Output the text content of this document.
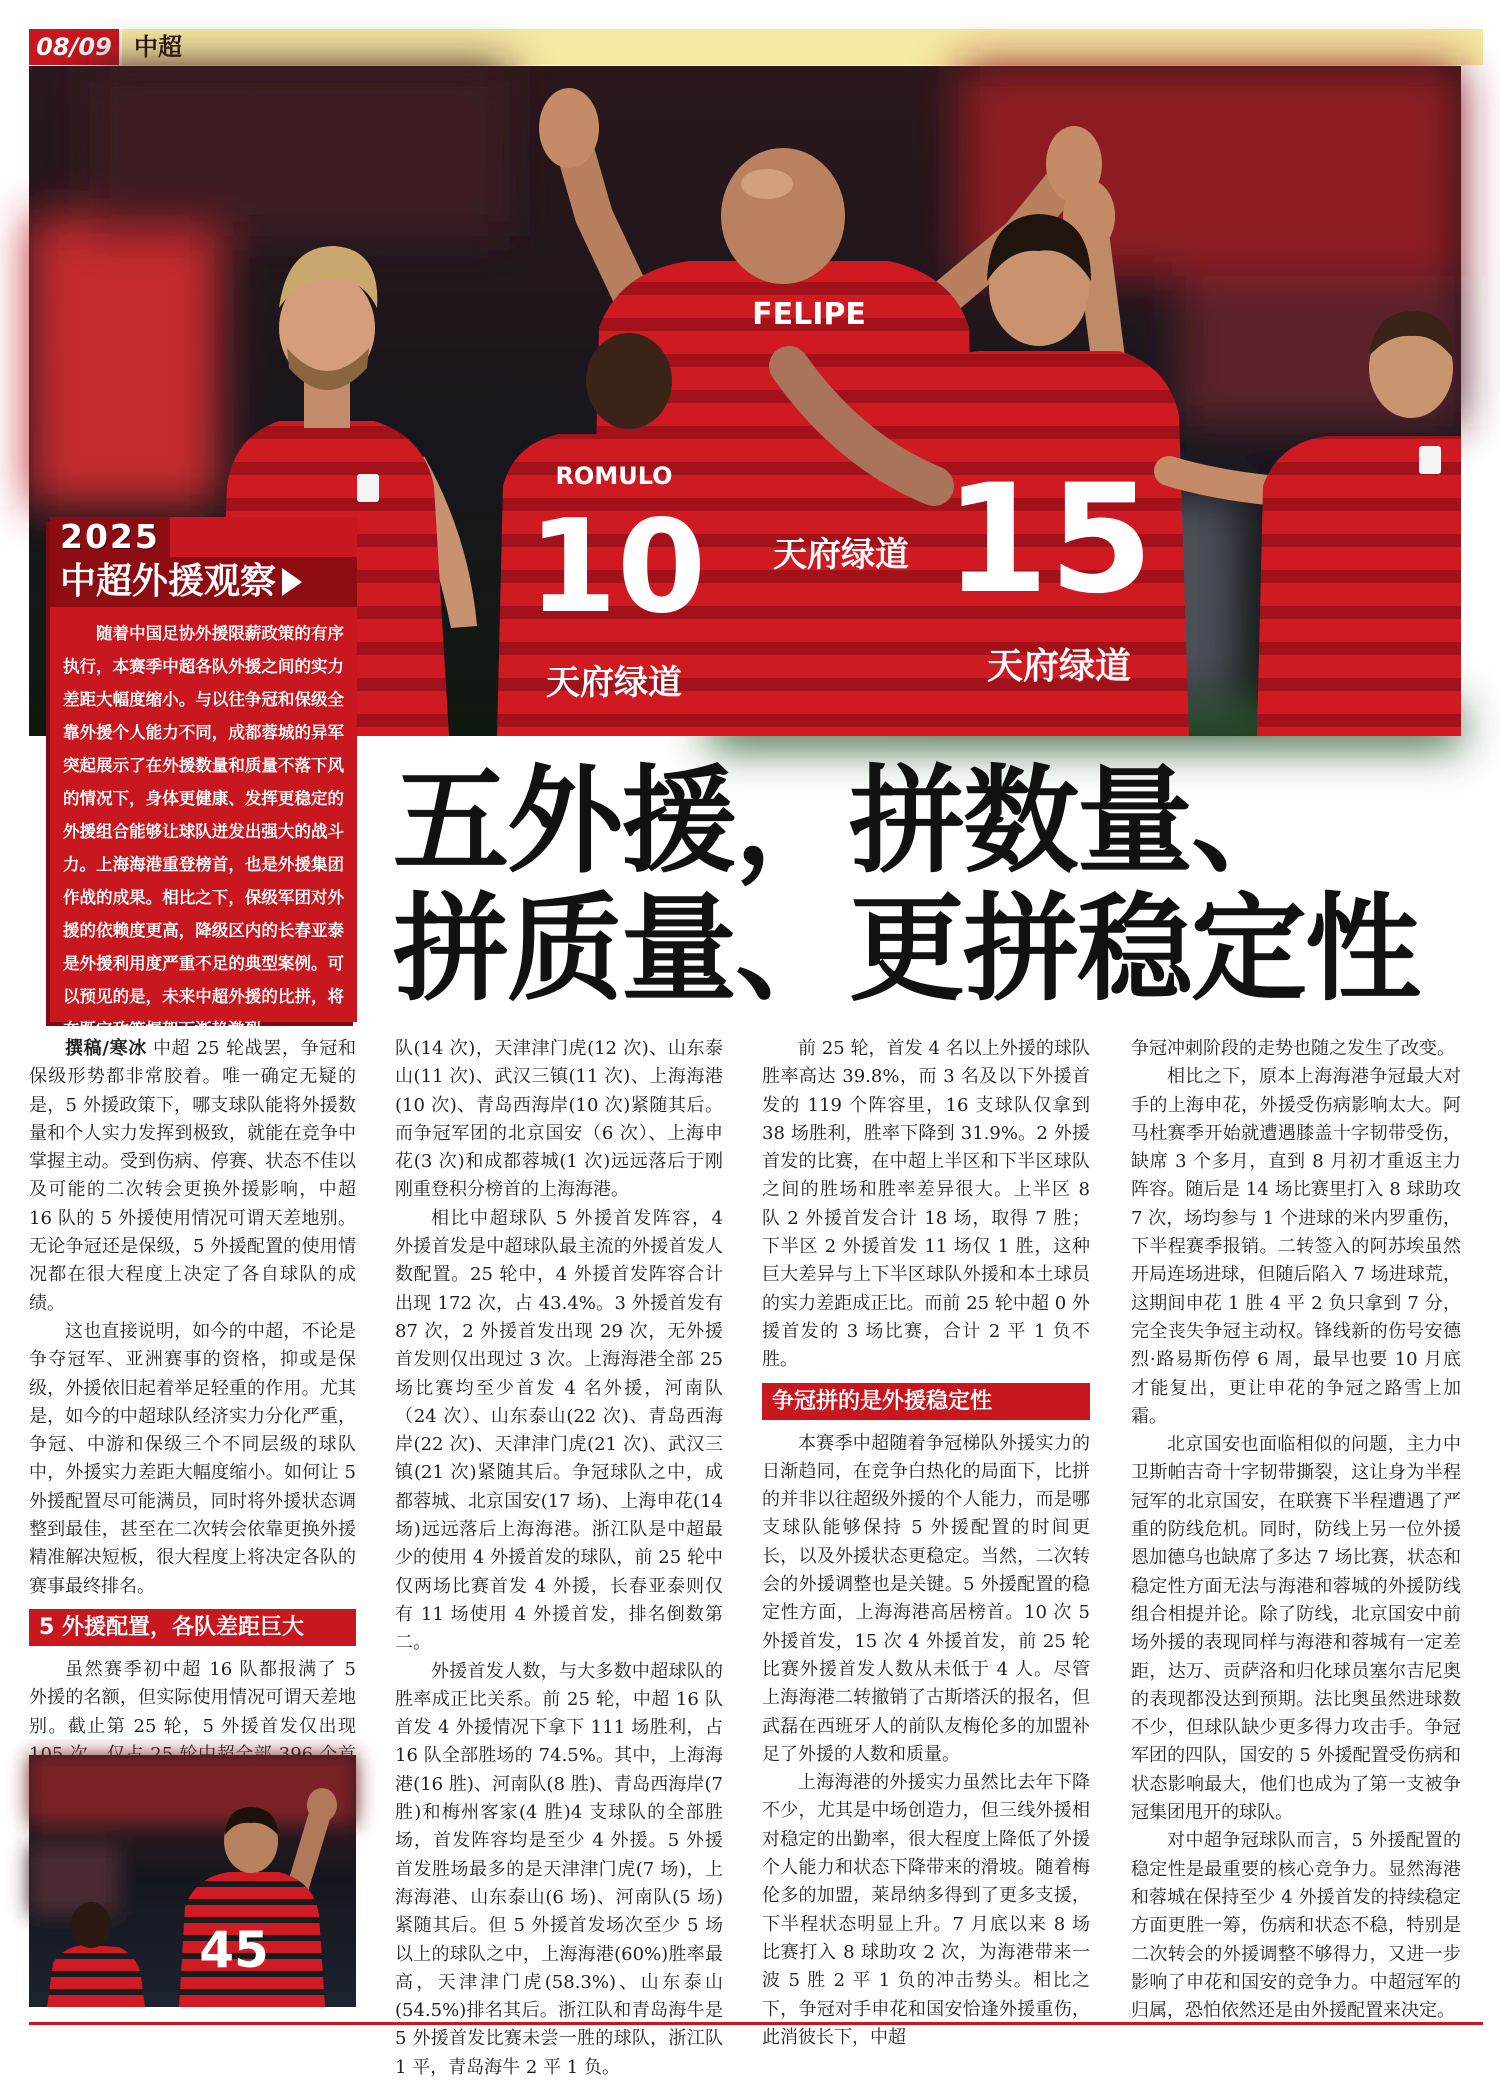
08/09 中超
FELIPE
天府绿道
ROMULO
10
天府绿道
15
天府绿道
2025
中超外援观察

随着中国足协外援限薪政策的有序执行，本赛季中超各队外援之间的实力差距大幅度缩小。与以往争冠和保级全靠外援个人能力不同，成都蓉城的异军突起展示了在外援数量和质量不落下风的情况下，身体更健康、发挥更稳定的外援组合能够让球队迸发出强大的战斗力。上海海港重登榜首，也是外援集团作战的成果。相比之下，保级军团对外援的依赖度更高，降级区内的长春亚泰是外援利用度严重不足的典型案例。可以预见的是，未来中超外援的比拼，将在既定政策框架下渐趋激烈。

五外援，拼数量、
拼质量、更拼稳定性

撰稿/寒冰 中超 25 轮战罢，争冠和保级形势都非常胶着。唯一确定无疑的是，5 外援政策下，哪支球队能将外援数量和个人实力发挥到极致，就能在竞争中掌握主动。受到伤病、停赛、状态不佳以及可能的二次转会更换外援影响，中超 16 队的 5 外援使用情况可谓天差地别。无论争冠还是保级，5 外援配置的使用情况都在很大程度上决定了各自球队的成绩。

这也直接说明，如今的中超，不论是争夺冠军、亚洲赛事的资格，抑或是保级，外援依旧起着举足轻重的作用。尤其是，如今的中超球队经济实力分化严重，争冠、中游和保级三个不同层级的球队中，外援实力差距大幅度缩小。如何让 5 外援配置尽可能满员，同时将外援状态调整到最佳，甚至在二次转会依靠更换外援精准解决短板，很大程度上将决定各队的赛事最终排名。

5 外援配置，各队差距巨大

虽然赛季初中超 16 队都报满了 5 外援的名额，但实际使用情况可谓天差地别。截止第 25 轮，5 外援首发仅出现

45

队(14 次)，天津津门虎(12 次)、山东泰山(11 次)、武汉三镇(11 次)、上海海港(10 次)、青岛西海岸(10 次)紧随其后。而争冠军团的北京国安（6 次）、上海申花(3 次)和成都蓉城(1 次)远远落后于刚刚重登积分榜首的上海海港。

相比中超球队 5 外援首发阵容，4 外援首发是中超球队最主流的外援首发人数配置。25 轮中，4 外援首发阵容合计出现 172 次，占 43.4%。3 外援首发有 87 次，2 外援首发出现 29 次，无外援首发则仅出现过 3 次。上海海港全部 25 场比赛均至少首发 4 名外援，河南队（24 次）、山东泰山(22 次)、青岛西海岸(22 次)、天津津门虎(21 次)、武汉三镇(21 次)紧随其后。争冠球队之中，成都蓉城、北京国安(17 场)、上海申花(14 场)远远落后上海海港。浙江队是中超最少的使用 4 外援首发的球队，前 25 轮中仅两场比赛首发 4 外援，长春亚泰则仅有 11 场使用 4 外援首发，排名倒数第二。

外援首发人数，与大多数中超球队的胜率成正比关系。前 25 轮，中超 16 队首发 4 外援情况下拿下 111 场胜利，占 16 队全部胜场的 74.5%。其中，上海海港(16 胜)、河南队(8 胜)、青岛西海岸(7 胜)和梅州客家(4 胜)4 支球队的全部胜场，首发阵容均是至少 4 外援。5 外援首发胜场最多的是天津津门虎(7 场)，上海海港、山东泰山(6 场)、河南队(5 场)紧随其后。但 5 外援首发场次至少 5 场以上的球队之中，上海海港(60%)胜率最高，天津津门虎(58.3%)、山东泰山(54.5%)排名其后。浙江队和青岛海牛是 5 外援首发比赛未尝一胜的球队，浙江队 1 平，青岛海牛 2 平 1 负。

前 25 轮，首发 4 名以上外援的球队胜率高达 39.8%，而 3 名及以下外援首发的 119 个阵容里，16 支球队仅拿到 38 场胜利，胜率下降到 31.9%。2 外援首发的比赛，在中超上半区和下半区球队之间的胜场和胜率差异很大。上半区 8 队 2 外援首发合计 18 场，取得 7 胜；下半区 2 外援首发 11 场仅 1 胜，这种巨大差异与上下半区球队外援和本土球员的实力差距成正比。而前 25 轮中超 0 外援首发的 3 场比赛，合计 2 平 1 负不胜。

争冠拼的是外援稳定性

本赛季中超随着争冠梯队外援实力的日渐趋同，在竞争白热化的局面下，比拼的并非以往超级外援的个人能力，而是哪支球队能够保持 5 外援配置的时间更长，以及外援状态更稳定。当然，二次转会的外援调整也是关键。5 外援配置的稳定性方面，上海海港高居榜首。10 次 5 外援首发，15 次 4 外援首发，前 25 轮比赛外援首发人数从未低于 4 人。尽管上海海港二转撤销了古斯塔沃的报名，但武磊在西班牙人的前队友梅伦多的加盟补足了外援的人数和质量。

上海海港的外援实力虽然比去年下降不少，尤其是中场创造力，但三线外援相对稳定的出勤率，很大程度上降低了外援个人能力和状态下降带来的滑坡。随着梅伦多的加盟，莱昂纳多得到了更多支援，下半程状态明显上升。7 月底以来 8 场比赛打入 8 球助攻 2 次，为海港带来一波 5 胜 2 平 1 负的冲击势头。相比之下，争冠对手申花和国安恰逢外援重伤，此消彼长下，中超

争冠冲刺阶段的走势也随之发生了改变。

相比之下，原本上海海港争冠最大对手的上海申花，外援受伤病影响太大。阿马杜赛季开始就遭遇膝盖十字韧带受伤，缺席 3 个多月，直到 8 月初才重返主力阵容。随后是 14 场比赛里打入 8 球助攻 7 次，场均参与 1 个进球的米内罗重伤，下半程赛季报销。二转签入的阿苏埃虽然开局连场进球，但随后陷入 7 场进球荒，这期间申花 1 胜 4 平 2 负只拿到 7 分，完全丧失争冠主动权。锋线新的伤号安德烈·路易斯伤停 6 周，最早也要 10 月底才能复出，更让申花的争冠之路雪上加霜。

北京国安也面临相似的问题，主力中卫斯帕吉奇十字韧带撕裂，这让身为半程冠军的北京国安，在联赛下半程遭遇了严重的防线危机。同时，防线上另一位外援恩加德乌也缺席了多达 7 场比赛，状态和稳定性方面无法与海港和蓉城的外援防线组合相提并论。除了防线，北京国安中前场外援的表现同样与海港和蓉城有一定差距，达万、贡萨洛和归化球员塞尔吉尼奥的表现都没达到预期。法比奥虽然进球数不少，但球队缺少更多得力攻击手。争冠军团的四队，国安的 5 外援配置受伤病和状态影响最大，他们也成为了第一支被争冠集团甩开的球队。

对中超争冠球队而言，5 外援配置的稳定性是最重要的核心竞争力。显然海港和蓉城在保持至少 4 外援首发的持续稳定方面更胜一筹，伤病和状态不稳，特别是二次转会的外援调整不够得力，又进一步影响了申花和国安的竞争力。中超冠军的归属，恐怕依然还是由外援配置来决定。
